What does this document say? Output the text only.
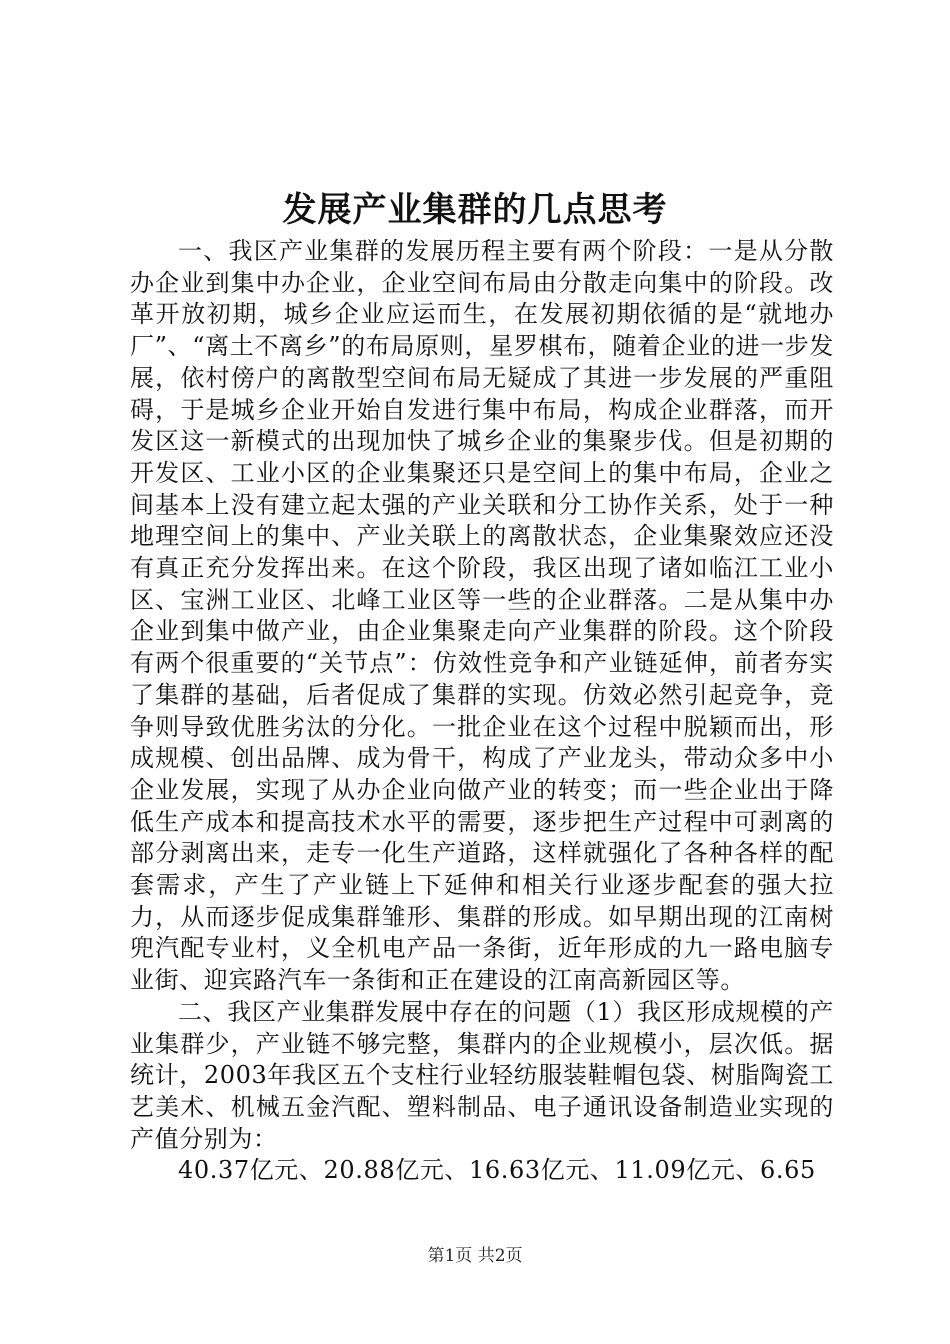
发展产业集群的几点思考

一、我区产业集群的发展历程主要有两个阶段：一是从分散办企业到集中办企业，企业空间布局由分散走向集中的阶段。改革开放初期，城乡企业应运而生，在发展初期依循的是“就地办厂”、“离土不离乡”的布局原则，星罗棋布，随着企业的进一步发展，依村傍户的离散型空间布局无疑成了其进一步发展的严重阻碍，于是城乡企业开始自发进行集中布局，构成企业群落，而开发区这一新模式的出现加快了城乡企业的集聚步伐。但是初期的开发区、工业小区的企业集聚还只是空间上的集中布局，企业之间基本上没有建立起太强的产业关联和分工协作关系，处于一种地理空间上的集中、产业关联上的离散状态，企业集聚效应还没有真正充分发挥出来。在这个阶段，我区出现了诸如临江工业小区、宝洲工业区、北峰工业区等一些的企业群落。二是从集中办企业到集中做产业，由企业集聚走向产业集群的阶段。这个阶段有两个很重要的“关节点”：仿效性竞争和产业链延伸，前者夯实了集群的基础，后者促成了集群的实现。仿效必然引起竞争，竞争则导致优胜劣汰的分化。一批企业在这个过程中脱颖而出，形成规模、创出品牌、成为骨干，构成了产业龙头，带动众多中小企业发展，实现了从办企业向做产业的转变；而一些企业出于降低生产成本和提高技术水平的需要，逐步把生产过程中可剥离的部分剥离出来，走专一化生产道路，这样就强化了各种各样的配套需求，产生了产业链上下延伸和相关行业逐步配套的强大拉力，从而逐步促成集群雏形、集群的形成。如早期出现的江南树兜汽配专业村，义全机电产品一条街，近年形成的九一路电脑专业街、迎宾路汽车一条街和正在建设的江南高新园区等。

二、我区产业集群发展中存在的问题（1）我区形成规模的产业集群少，产业链不够完整，集群内的企业规模小，层次低。据统计，2003年我区五个支柱行业轻纺服装鞋帽包袋、树脂陶瓷工艺美术、机械五金汽配、塑料制品、电子通讯设备制造业实现的产值分别为：

40.37亿元、20.88亿元、16.63亿元、11.09亿元、6.65

第1页 共2页
